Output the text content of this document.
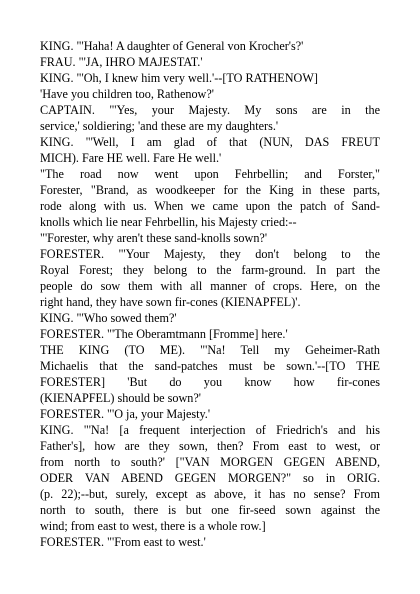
KING. "'Haha! A daughter of General von Krocher's?'
FRAU. "'JA, IHRO MAJESTAT.'
KING. "'Oh, I knew him very well.'--[TO RATHENOW]
'Have you children too, Rathenow?'
CAPTAIN. "'Yes, your Majesty. My sons are in the
service,' soldiering; 'and these are my daughters.'
KING. "'Well, I am glad of that (NUN, DAS FREUT
MICH). Fare HE well. Fare He well.'
"The road now went upon Fehrbellin; and Forster,"
Forester, "Brand, as woodkeeper for the King in these parts,
rode along with us. When we came upon the patch of Sand-
knolls which lie near Fehrbellin, his Majesty cried:--
"'Forester, why aren't these sand-knolls sown?'
FORESTER. "'Your Majesty, they don't belong to the
Royal Forest; they belong to the farm-ground. In part the
people do sow them with all manner of crops. Here, on the
right hand, they have sown fir-cones (KIENAPFEL)'.
KING. "'Who sowed them?'
FORESTER. "'The Oberamtmann [Fromme] here.'
THE KING (TO ME). "'Na! Tell my Geheimer-Rath
Michaelis that the sand-patches must be sown.'--[TO THE
FORESTER] 'But do you know how fir-cones
(KIENAPFEL) should be sown?'
FORESTER. "'O ja, your Majesty.'
KING. "'Na! [a frequent interjection of Friedrich's and his
Father's], how are they sown, then? From east to west, or
from north to south?' ["VAN MORGEN GEGEN ABEND,
ODER VAN ABEND GEGEN MORGEN?" so in ORIG.
(p. 22);--but, surely, except as above, it has no sense? From
north to south, there is but one fir-seed sown against the
wind; from east to west, there is a whole row.]
FORESTER. "'From east to west.'
